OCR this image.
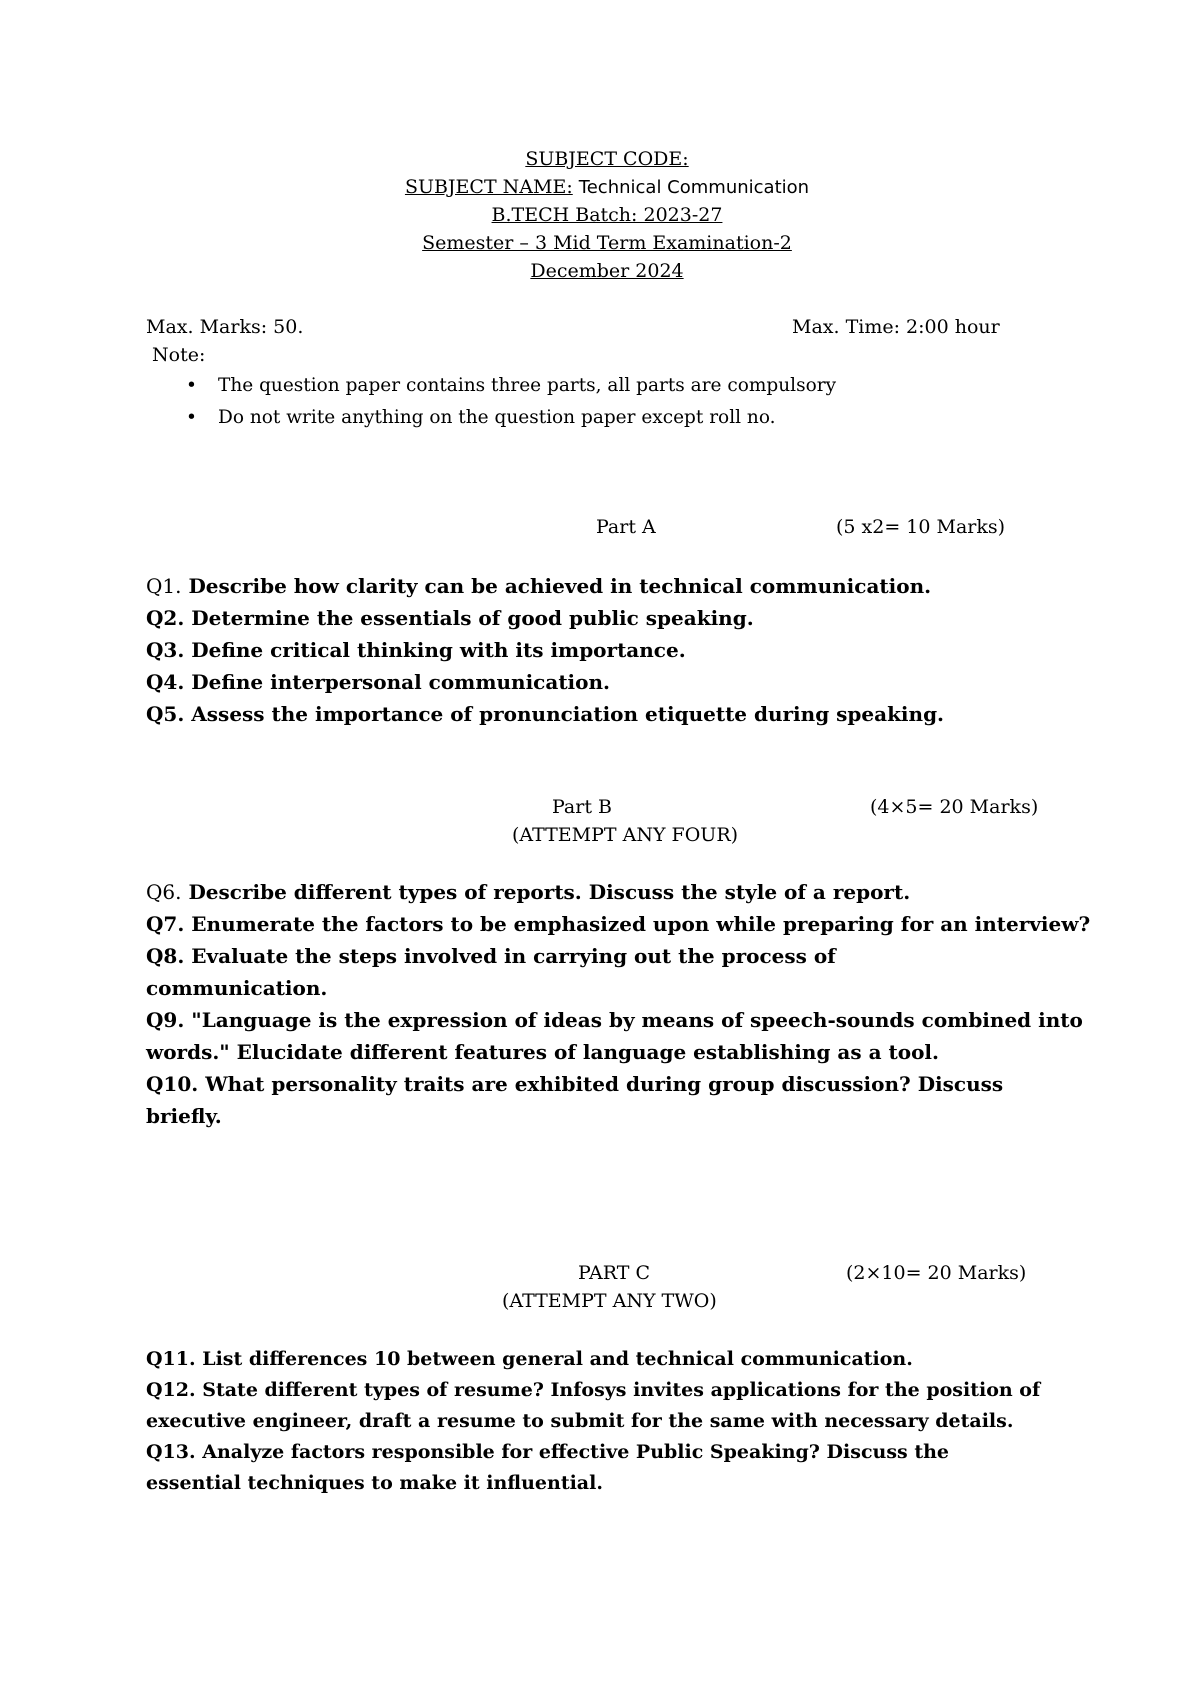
SUBJECT CODE:
SUBJECT NAME: Technical Communication
B.TECH Batch: 2023-27
Semester – 3 Mid Term Examination-2
December 2024
Max. Marks: 50.	Max. Time: 2:00 hour
Note:
• The question paper contains three parts, all parts are compulsory
• Do not write anything on the question paper except roll no.
Part A	(5 x2= 10 Marks)

Q1. Describe how clarity can be achieved in technical communication.

Q2. Determine the essentials of good public speaking.

Q3. Define critical thinking with its importance.

Q4. Define interpersonal communication.

Q5. Assess the importance of pronunciation etiquette during speaking.

Part B	(4×5= 20 Marks)
(ATTEMPT ANY FOUR)

Q6. Describe different types of reports. Discuss the style of a report.

Q7. Enumerate the factors to be emphasized upon while preparing for an interview?

Q8. Evaluate the steps involved in carrying out the process of communication.

Q9. "Language is the expression of ideas by means of speech-sounds combined into words." Elucidate different features of language establishing as a tool.

Q10. What personality traits are exhibited during group discussion? Discuss briefly.

PART C	(2×10= 20 Marks)
(ATTEMPT ANY TWO)

Q11. List differences 10 between general and technical communication.

Q12. State different types of resume? Infosys invites applications for the position of executive engineer, draft a resume to submit for the same with necessary details.

Q13. Analyze factors responsible for effective Public Speaking? Discuss the essential techniques to make it influential.
